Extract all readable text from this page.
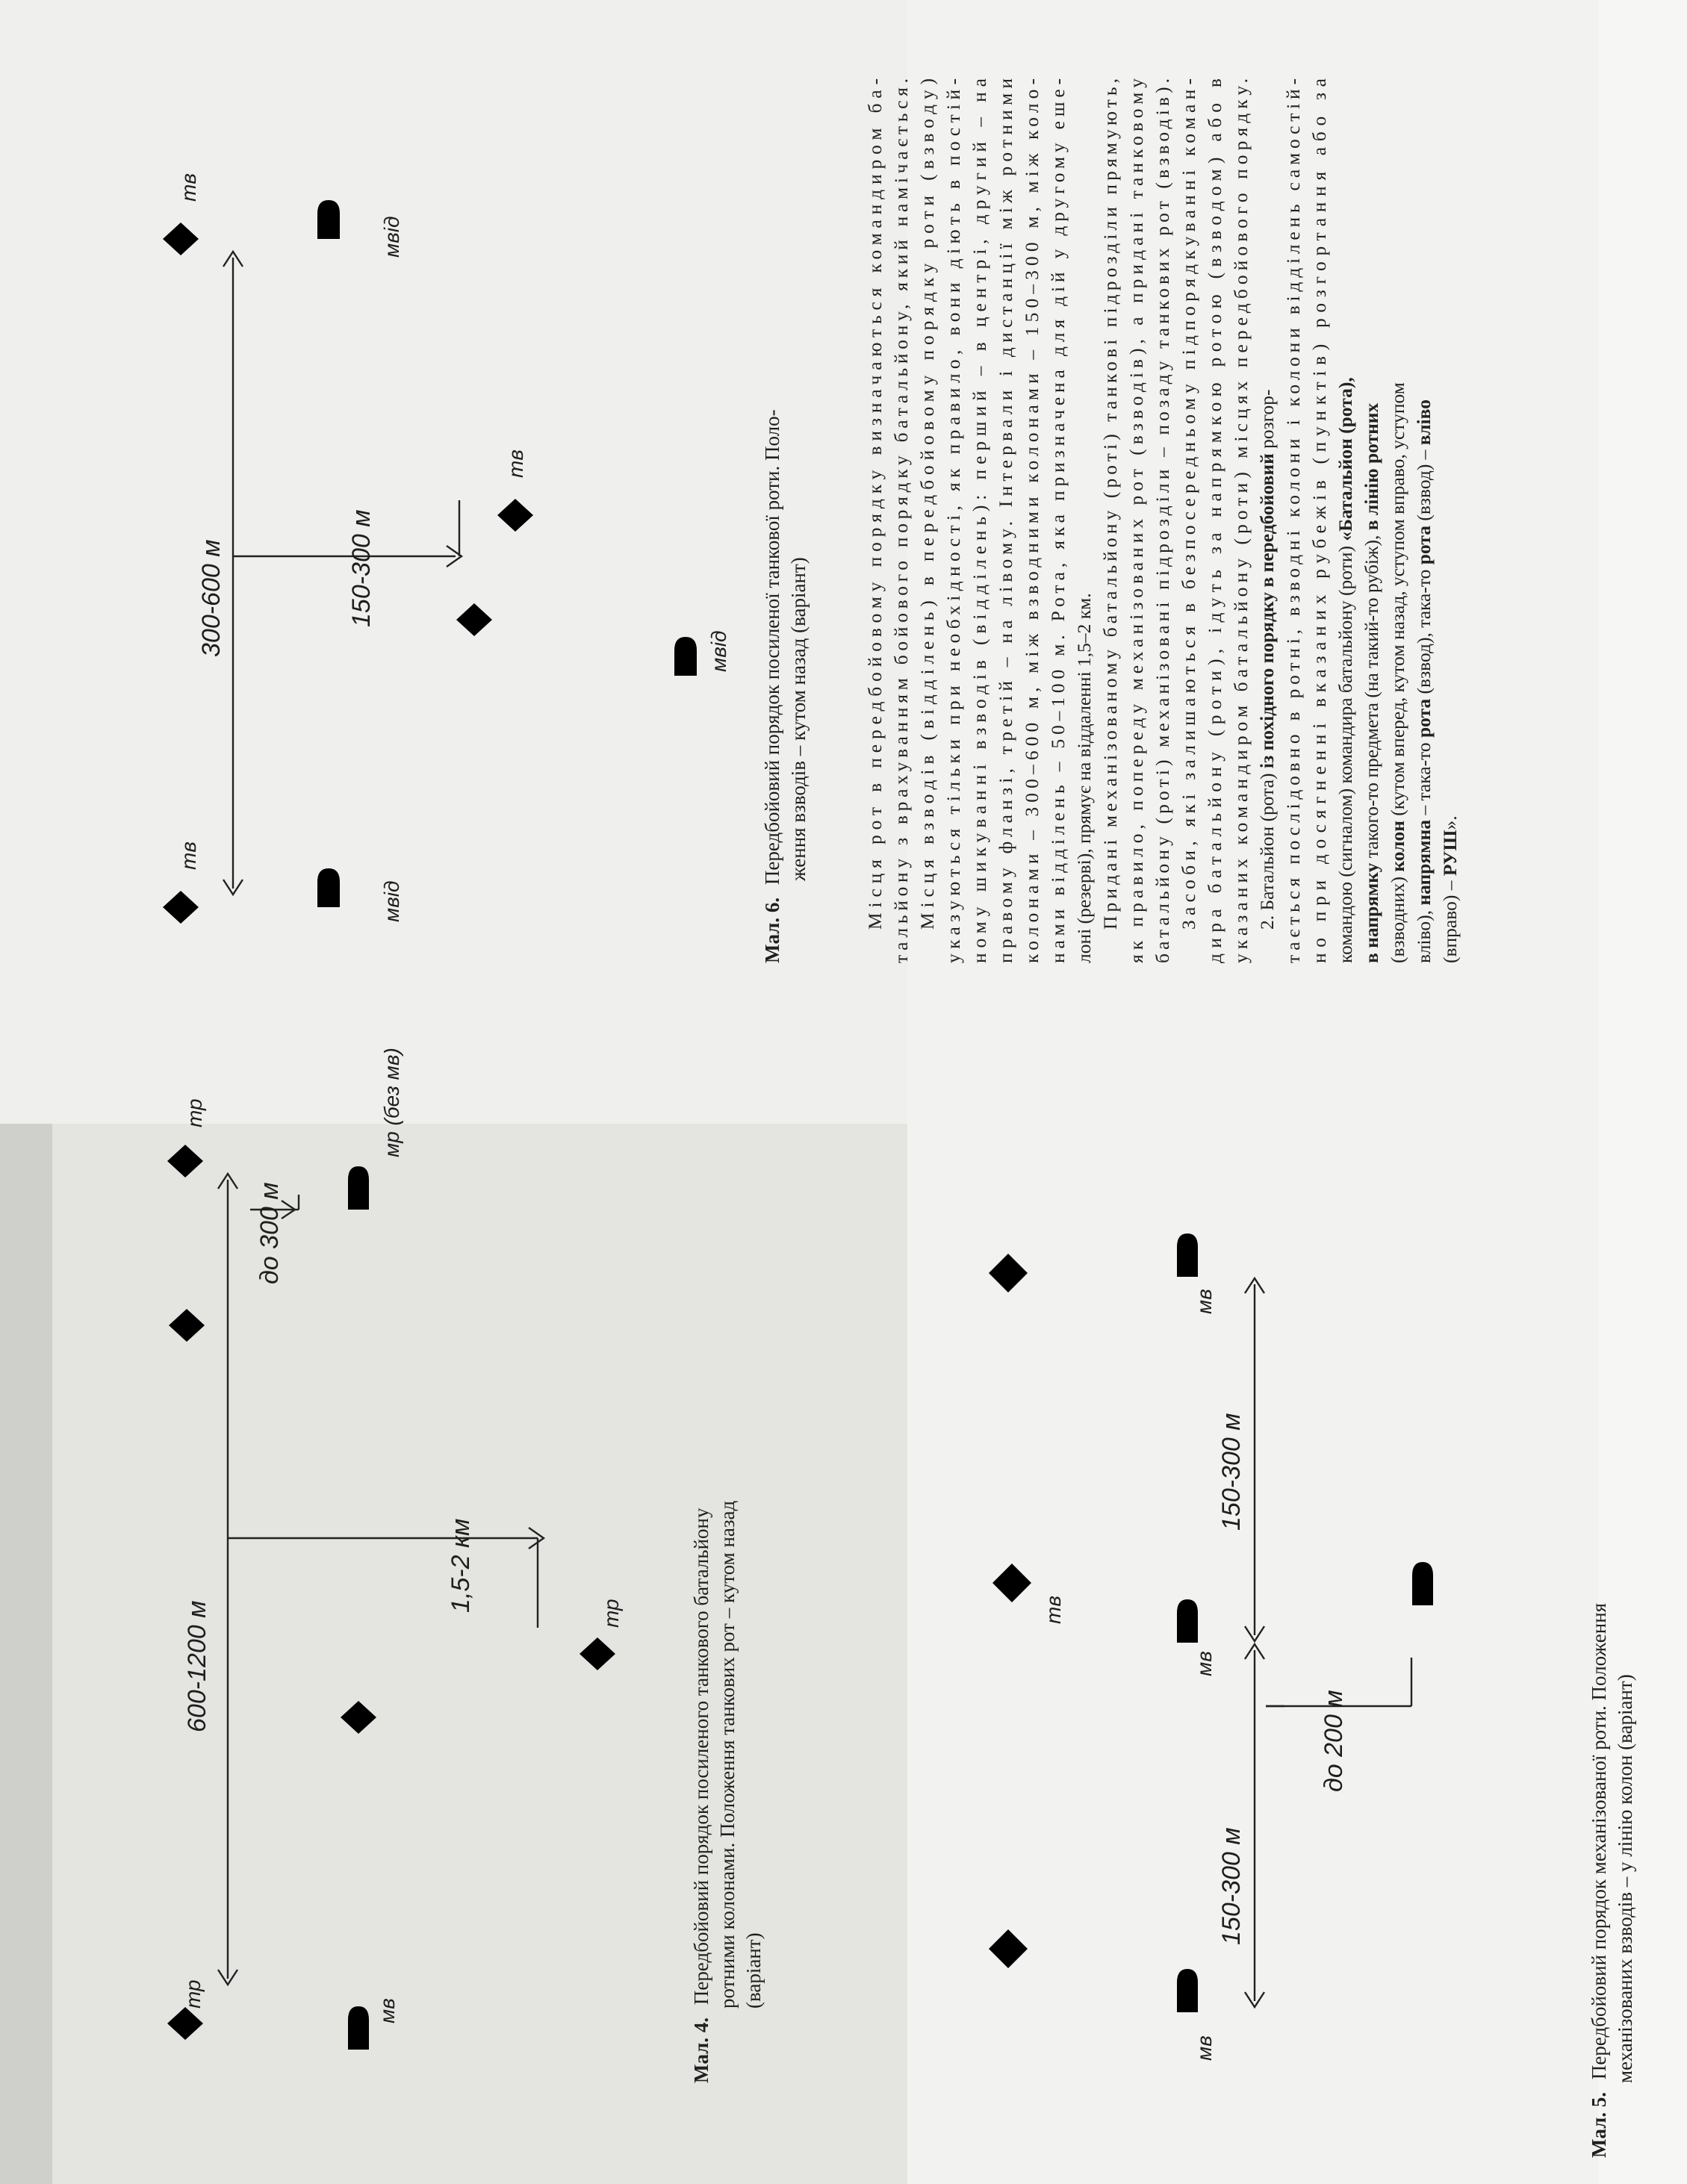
600-1200 м
1,5-2 км
до 300 м
тр
мв
тр	мр (без мв)
тр
Мал. 4. Передбойовий порядок посиленого танкового батальйону ротними колонами. Положення танкових рот – кутом назад (варіант)
150-300 м
150-300 м
до 200 м
мв
мв
тв
мв
Мал. 5. Передбойовий порядок механізованої роти. Положення механізованих взводів – у лінію колон (варіант)
300-600 м	150-300 м
тв
мвід
тв
мвід
тв
мвід
Мал. 6. Передбойовий порядок посиленої танкової роти. Поло- ження взводів – кутом назад (варіант)
Місця рот в передбойовому порядку визначаються командиром ба-
тальйону з врахуванням бойового порядку батальйону, який намічається.
Місця взводів (відділень) в передбойовому порядку роти (взводу)
указуються тільки при необхідності, як правило, вони діють в постій-
ному шикуванні взводів (відділень): перший – в центрі, другий – на
правому фланзі, третій – на лівому. Інтервали і дистанції між ротними
колонами – 300–600 м, між взводними колонами – 150–300 м, між коло-
нами відділень – 50–100 м. Рота, яка призначена для дій у другому еше-
лоні (резерві), прямує на віддаленні 1,5–2 км. Придані механізованому батальйону (роті) танкові підрозділи прямують,
як правило, попереду механізованих рот (взводів), а придані танковому
батальйону (роті) механізовані підрозділи – позаду танкових рот (взводів).
Засоби, які залишаються в безпосередньому підпорядкуванні коман-
дира батальйону (роти), ідуть за напрямкою ротою (взводом) або в
указаних командиром батальйону (роти) місцях передбойового порядку.
2. Батальйон (рота) із похідного порядку в передбойовий розгор-
тається послідовно в ротні, взводні колони і колони відділень самостій-
но при досягненні вказаних рубежів (пунктів) розгортання або за
командою (сигналом) командира батальйону (роти) «Батальйон (рота),
в напрямку такого-то предмета (на такий-то рубіж), в лінію ротних
(взводних) колон (кутом вперед, кутом назад, уступом вправо, уступом
вліво), напрямна – така-то рота (взвод), така-то рота (взвод) – вліво
(вправо) – РУШ».
